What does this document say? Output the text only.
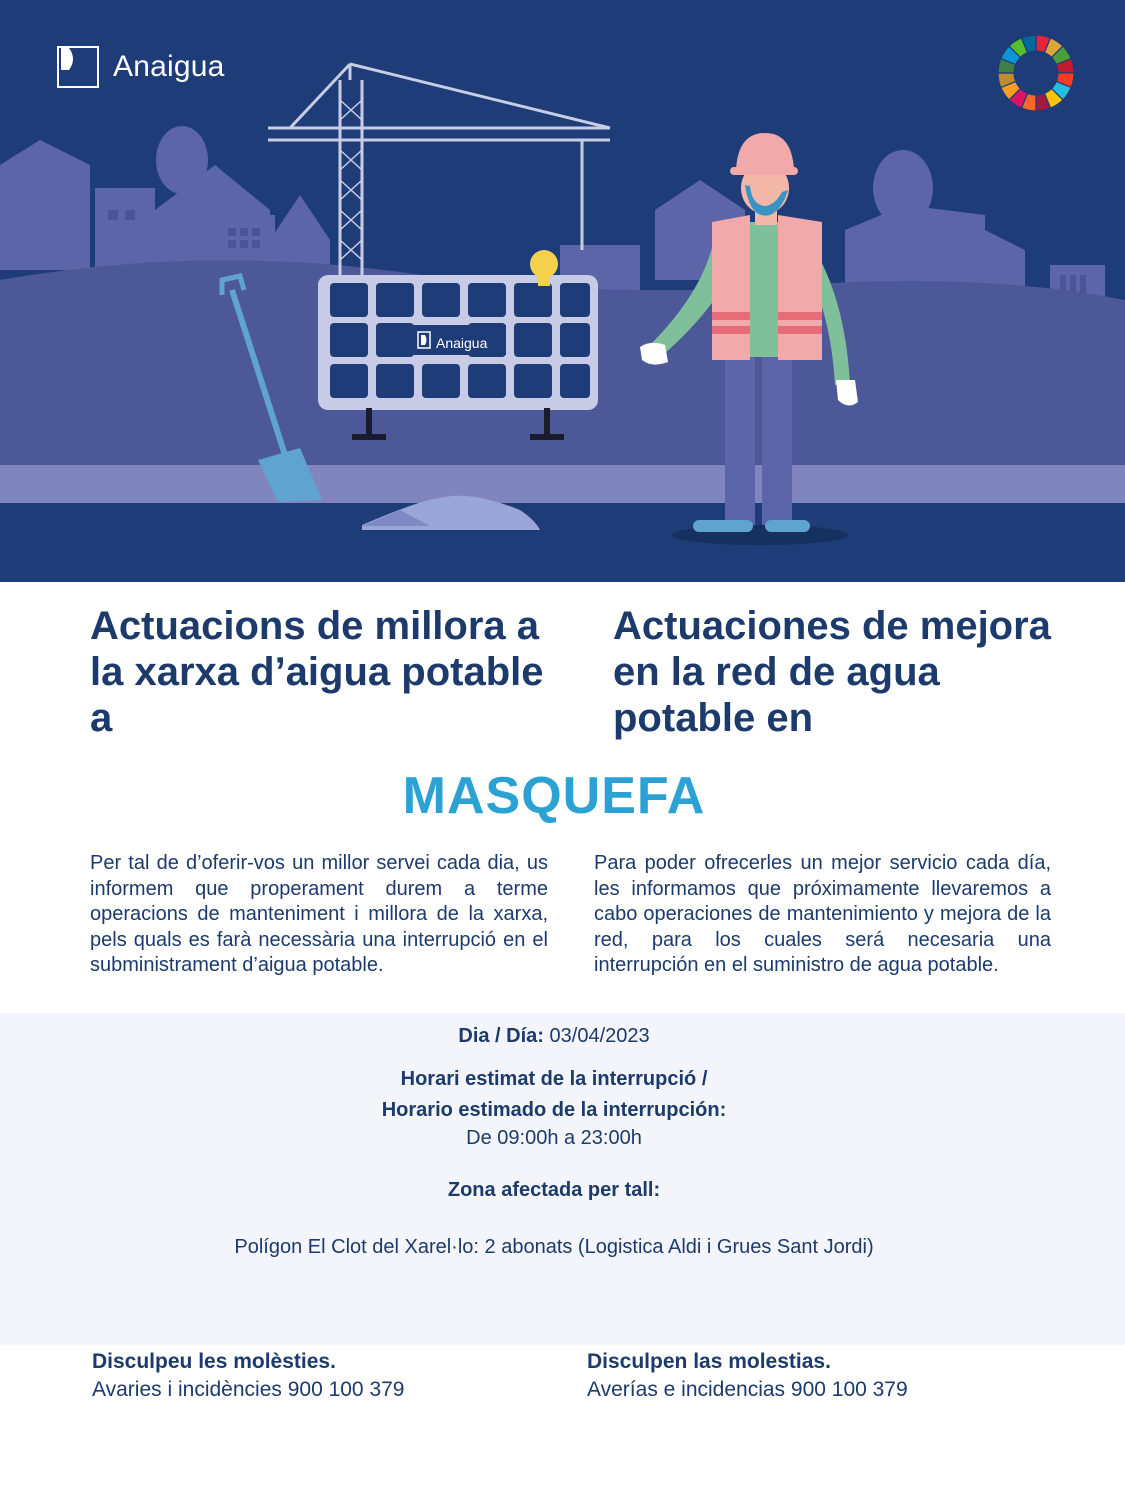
Anaigua
Anaigua
Actuacions de millora a la xarxa d’aigua potable a
Actuaciones de mejora en la red de agua potable en
MASQUEFA

Per tal de d’oferir-vos un millor servei cada dia, us informem que properament durem a terme operacions de manteniment i millora de la xarxa, pels quals es farà necessària una interrupció en el subministrament d’aigua potable.

Para poder ofrecerles un mejor servicio cada día, les informamos que próximamente llevaremos a cabo operaciones de mantenimiento y mejora de la red, para los cuales será necesaria una interrupción en el suministro de agua potable.

Dia / Día: 03/04/2023
Horari estimat de la interrupció /
Horario estimado de la interrupción:
De 09:00h a 23:00h
Zona afectada per tall:
Polígon El Clot del Xarel·lo: 2 abonats (Logistica Aldi i Grues Sant Jordi)
Disculpeu les molèsties.
Avaries i incidències 900 100 379
Disculpen las molestias.
Averías e incidencias 900 100 379
